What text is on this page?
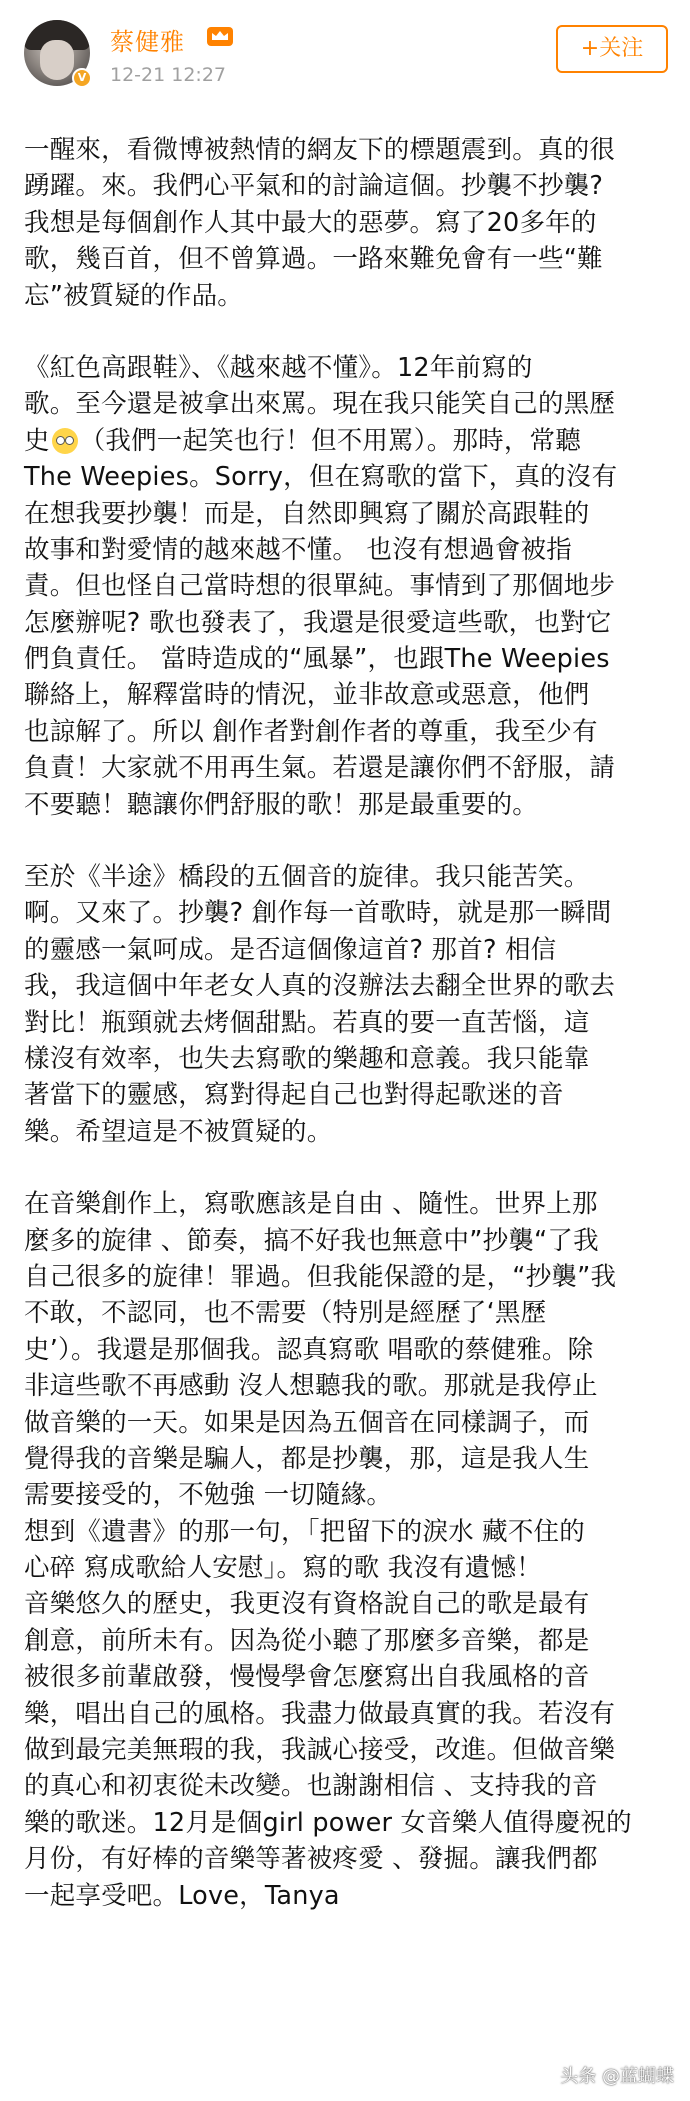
V
蔡健雅
12-21 12:27
+关注
一醒來，看微博被熱情的網友下的標題震到。真的很
踴躍。來。我們心平氣和的討論這個。抄襲不抄襲?
我想是每個創作人其中最大的惡夢。寫了20多年的
歌，幾百首，但不曾算過。一路來難免會有一些“難
忘”被質疑的作品。
《紅色高跟鞋》、《越來越不懂》。12年前寫的
歌。至今還是被拿出來罵。現在我只能笑自己的黑歷
史 （我們一起笑也行！但不用罵）。那時，常聽
The Weepies。Sorry，但在寫歌的當下，真的沒有
在想我要抄襲！而是，自然即興寫了關於高跟鞋的
故事和對愛情的越來越不懂。 也沒有想過會被指
責。但也怪自己當時想的很單純。事情到了那個地步
怎麼辦呢? 歌也發表了，我還是很愛這些歌，也對它
們負責任。 當時造成的“風暴”，也跟The Weepies
聯絡上，解釋當時的情況，並非故意或惡意，他們
也諒解了。所以 創作者對創作者的尊重，我至少有
負責！大家就不用再生氣。若還是讓你們不舒服，請
不要聽！聽讓你們舒服的歌！那是最重要的。
至於《半途》橋段的五個音的旋律。我只能苦笑。
啊。又來了。抄襲? 創作每一首歌時，就是那一瞬間
的靈感一氣呵成。是否這個像這首? 那首? 相信
我，我這個中年老女人真的沒辦法去翻全世界的歌去
對比！瓶頸就去烤個甜點。若真的要一直苦惱，這
樣沒有效率，也失去寫歌的樂趣和意義。我只能靠
著當下的靈感，寫對得起自己也對得起歌迷的音
樂。希望這是不被質疑的。
在音樂創作上，寫歌應該是自由 、隨性。世界上那
麼多的旋律 、節奏，搞不好我也無意中”抄襲“了我
自己很多的旋律！罪過。但我能保證的是，“抄襲”我
不敢，不認同，也不需要（特別是經歷了‘黑歷
史’）。我還是那個我。認真寫歌 唱歌的蔡健雅。除
非這些歌不再感動 沒人想聽我的歌。那就是我停止
做音樂的一天。如果是因為五個音在同樣調子，而
覺得我的音樂是騙人，都是抄襲，那，這是我人生
需要接受的，不勉強 一切隨緣。
想到《遺書》的那一句，「把留下的淚水 藏不住的
心碎 寫成歌給人安慰」。寫的歌 我沒有遺憾！
音樂悠久的歷史，我更沒有資格說自己的歌是最有
創意，前所未有。因為從小聽了那麼多音樂，都是
被很多前輩啟發，慢慢學會怎麼寫出自我風格的音
樂，唱出自己的風格。我盡力做最真實的我。若沒有
做到最完美無瑕的我，我誠心接受，改進。但做音樂
的真心和初衷從未改變。也謝謝相信 、支持我的音
樂的歌迷。12月是個girl power 女音樂人值得慶祝的
月份，有好棒的音樂等著被疼愛 、發掘。讓我們都
一起享受吧。Love，Tanya
头条 @蓝蝴蝶
